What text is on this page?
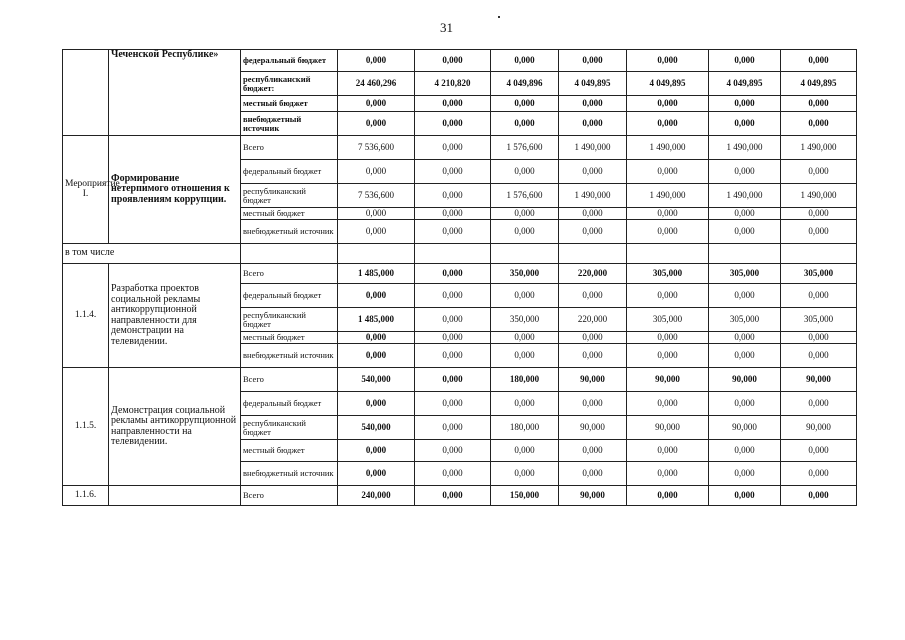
31
	Чеченской Республике»	федеральный бюджет	0,000	0,000	0,000	0,000	0,000	0,000	0,000
		республиканский бюджет:	24 460,296	4 210,820	4 049,896	4 049,895	4 049,895	4 049,895	4 049,895
		местный бюджет	0,000	0,000	0,000	0,000	0,000	0,000	0,000
		внебюджетный источник	0,000	0,000	0,000	0,000	0,000	0,000	0,000
Мероприятие I.	Формирование нетерпимого отношения к проявлениям коррупции.	Всего	7 536,600	0,000	1 576,600	1 490,000	1 490,000	1 490,000	1 490,000
		федеральный бюджет	0,000	0,000	0,000	0,000	0,000	0,000	0,000
		республиканский бюджет	7 536,600	0,000	1 576,600	1 490,000	1 490,000	1 490,000	1 490,000
		местный бюджет	0,000	0,000	0,000	0,000	0,000	0,000	0,000
		внебюджетный источник	0,000	0,000	0,000	0,000	0,000	0,000	0,000
в том числе									
1.1.4.	Разработка проектов социальной рекламы антикоррупционной направленности для демонстрации на телевидении.	Всего	1 485,000	0,000	350,000	220,000	305,000	305,000	305,000
		федеральный бюджет	0,000	0,000	0,000	0,000	0,000	0,000	0,000
		республиканский бюджет	1 485,000	0,000	350,000	220,000	305,000	305,000	305,000
		местный бюджет	0,000	0,000	0,000	0,000	0,000	0,000	0,000
		внебюджетный источник	0,000	0,000	0,000	0,000	0,000	0,000	0,000
1.1.5.	Демонстрация социальной рекламы антикоррупционной направленности на телевидении.	Всего	540,000	0,000	180,000	90,000	90,000	90,000	90,000
		федеральный бюджет	0,000	0,000	0,000	0,000	0,000	0,000	0,000
		республиканский бюджет	540,000	0,000	180,000	90,000	90,000	90,000	90,000
		местный бюджет	0,000	0,000	0,000	0,000	0,000	0,000	0,000
		внебюджетный источник	0,000	0,000	0,000	0,000	0,000	0,000	0,000
1.1.6.		Всего	240,000	0,000	150,000	90,000	0,000	0,000	0,000
